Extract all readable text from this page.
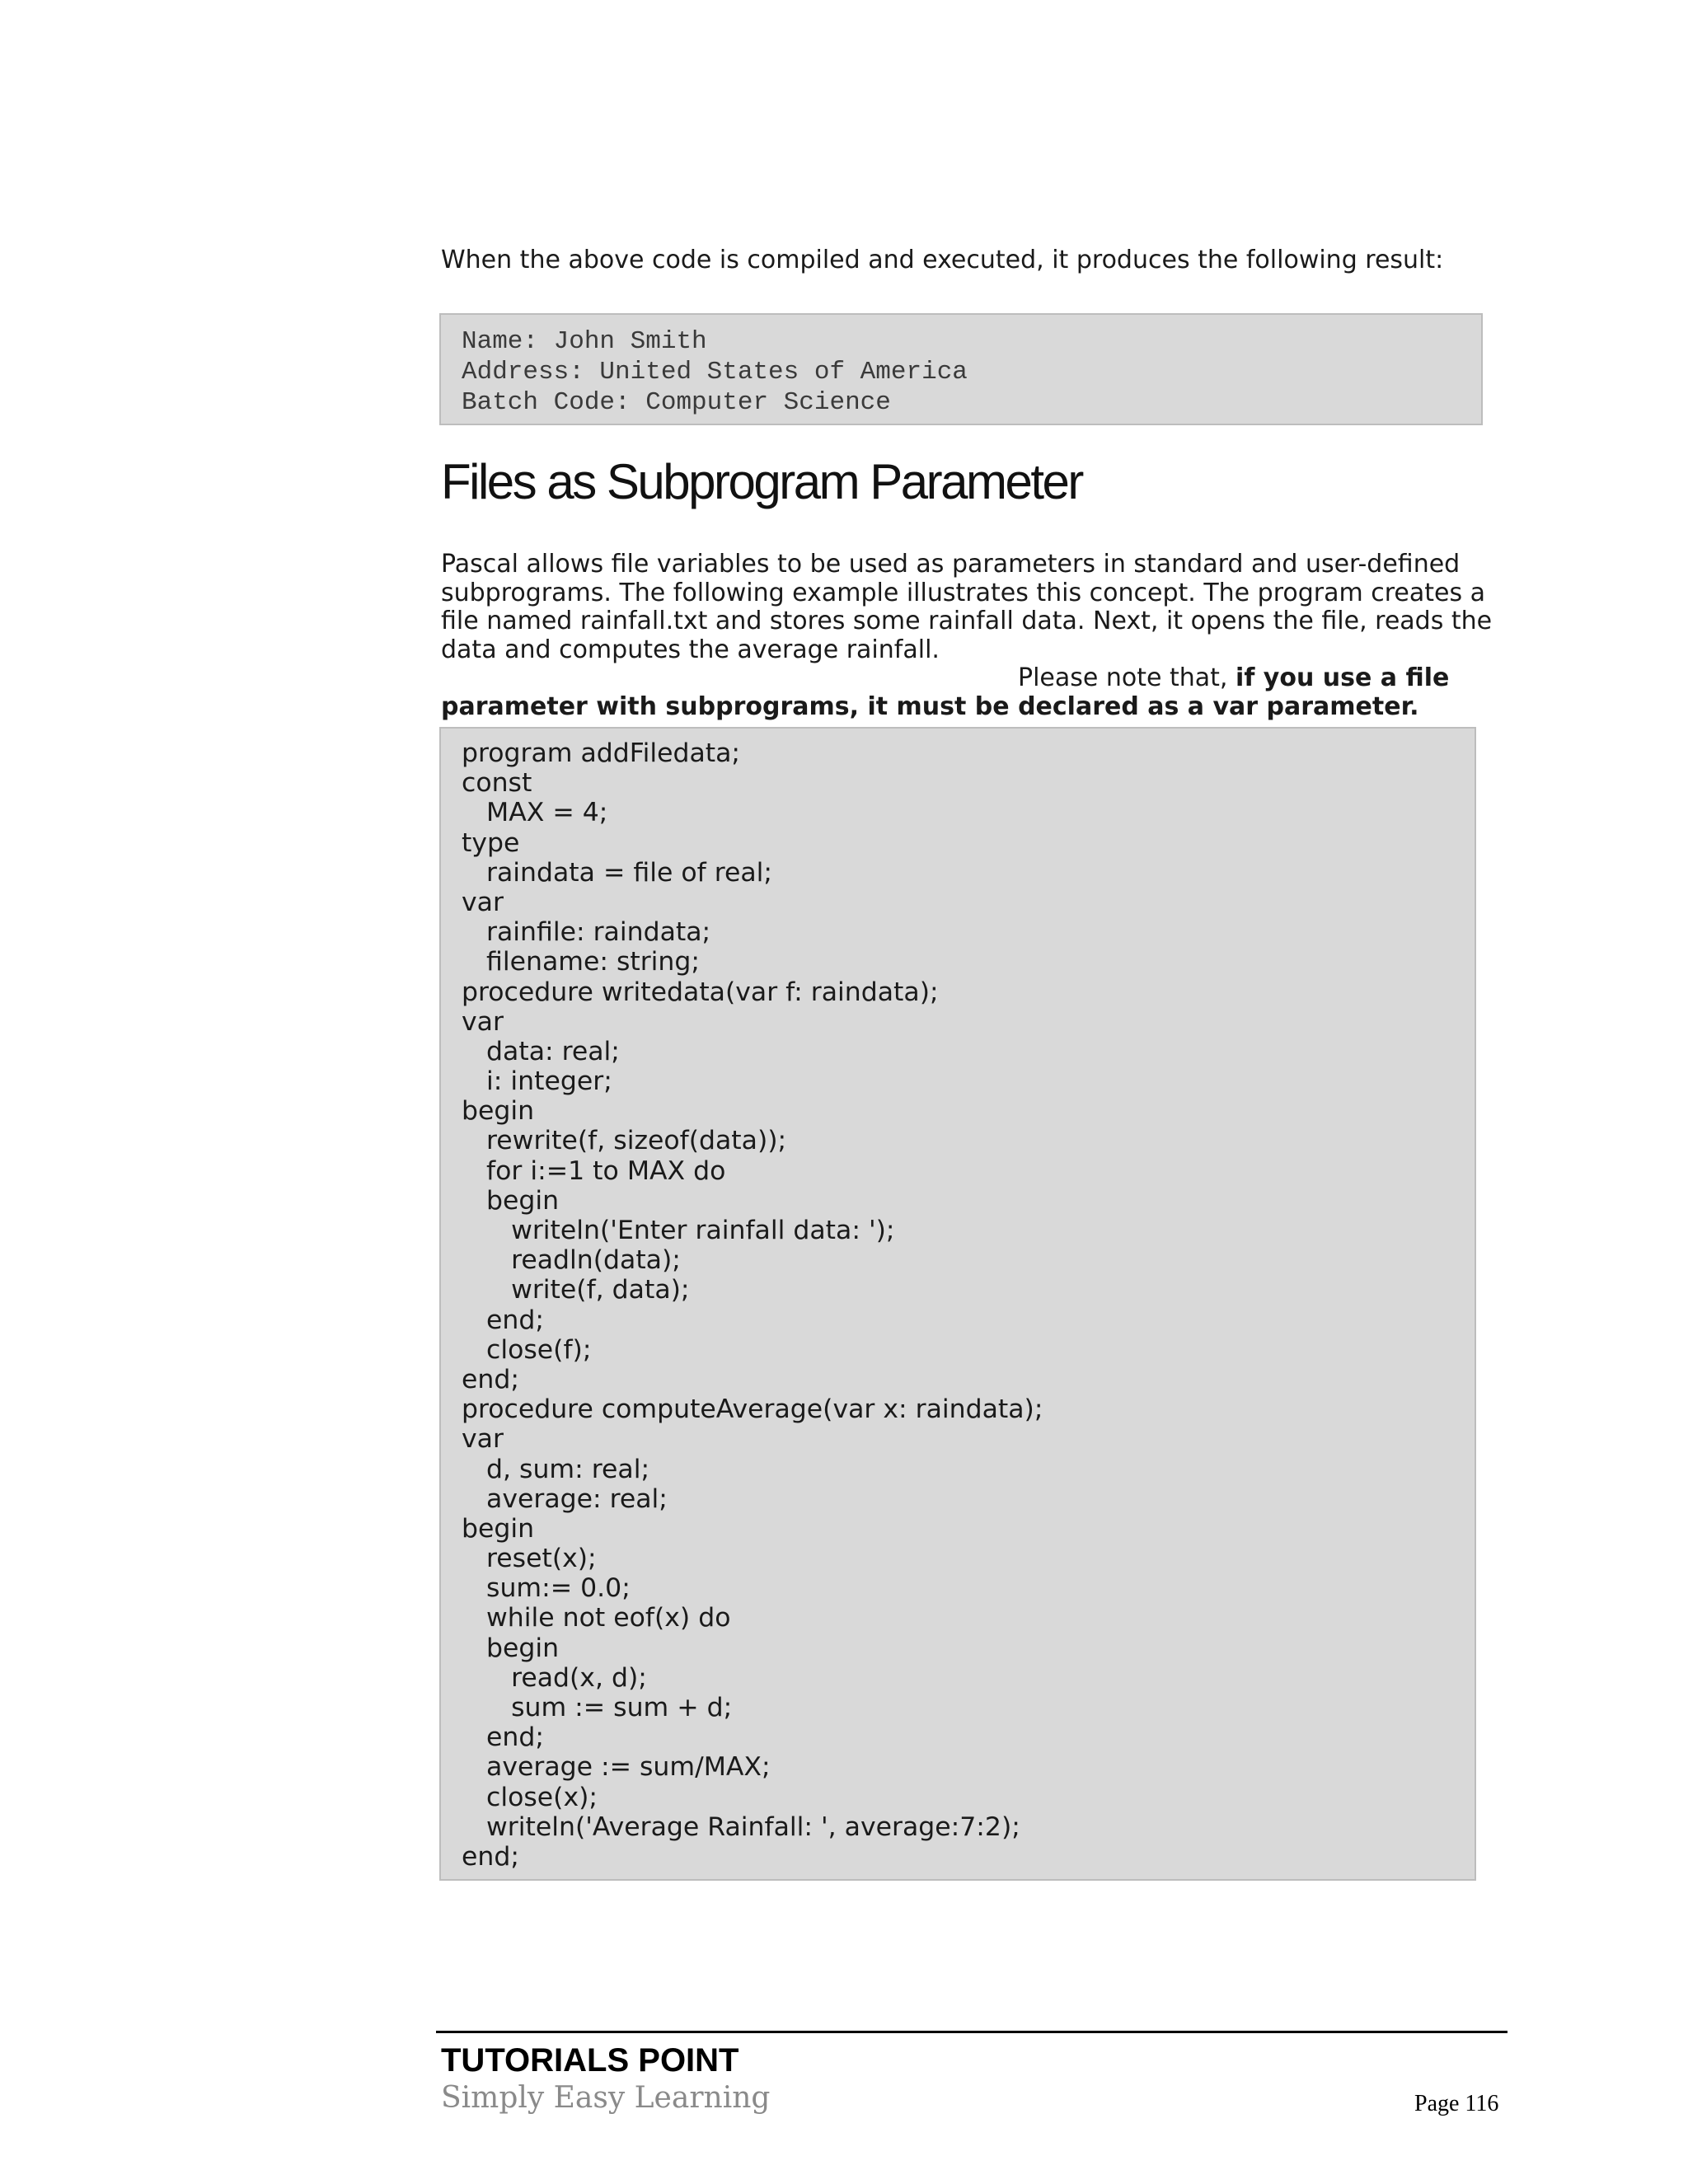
When the above code is compiled and executed, it produces the following result:

Name: John Smith
Address: United States of America
Batch Code: Computer Science
Files as Subprogram Parameter

Pascal allows file variables to be used as parameters in standard and user-defined subprograms. The following example illustrates this concept. The program creates a file named rainfall.txt and stores some rainfall data. Next, it opens the file, reads the data and computes the average rainfall.Please note that, if you use a file parameter with subprograms, it must be declared as a var parameter.

program addFiledata;
const
MAX = 4;
type
raindata = file of real;
var
rainfile: raindata;
filename: string;
procedure writedata(var f: raindata);
var
data: real;
i: integer;
begin
rewrite(f, sizeof(data));
for i:=1 to MAX do
begin
writeln('Enter rainfall data: ');
readln(data);
write(f, data);
end;
close(f);
end;
procedure computeAverage(var x: raindata);
var
d, sum: real;
average: real;
begin
reset(x);
sum:= 0.0;
while not eof(x) do
begin
read(x, d);
sum := sum + d;
end;
average := sum/MAX;
close(x);
writeln('Average Rainfall: ', average:7:2);
end;

TUTORIALS POINT

Simply Easy Learning	Page 116
